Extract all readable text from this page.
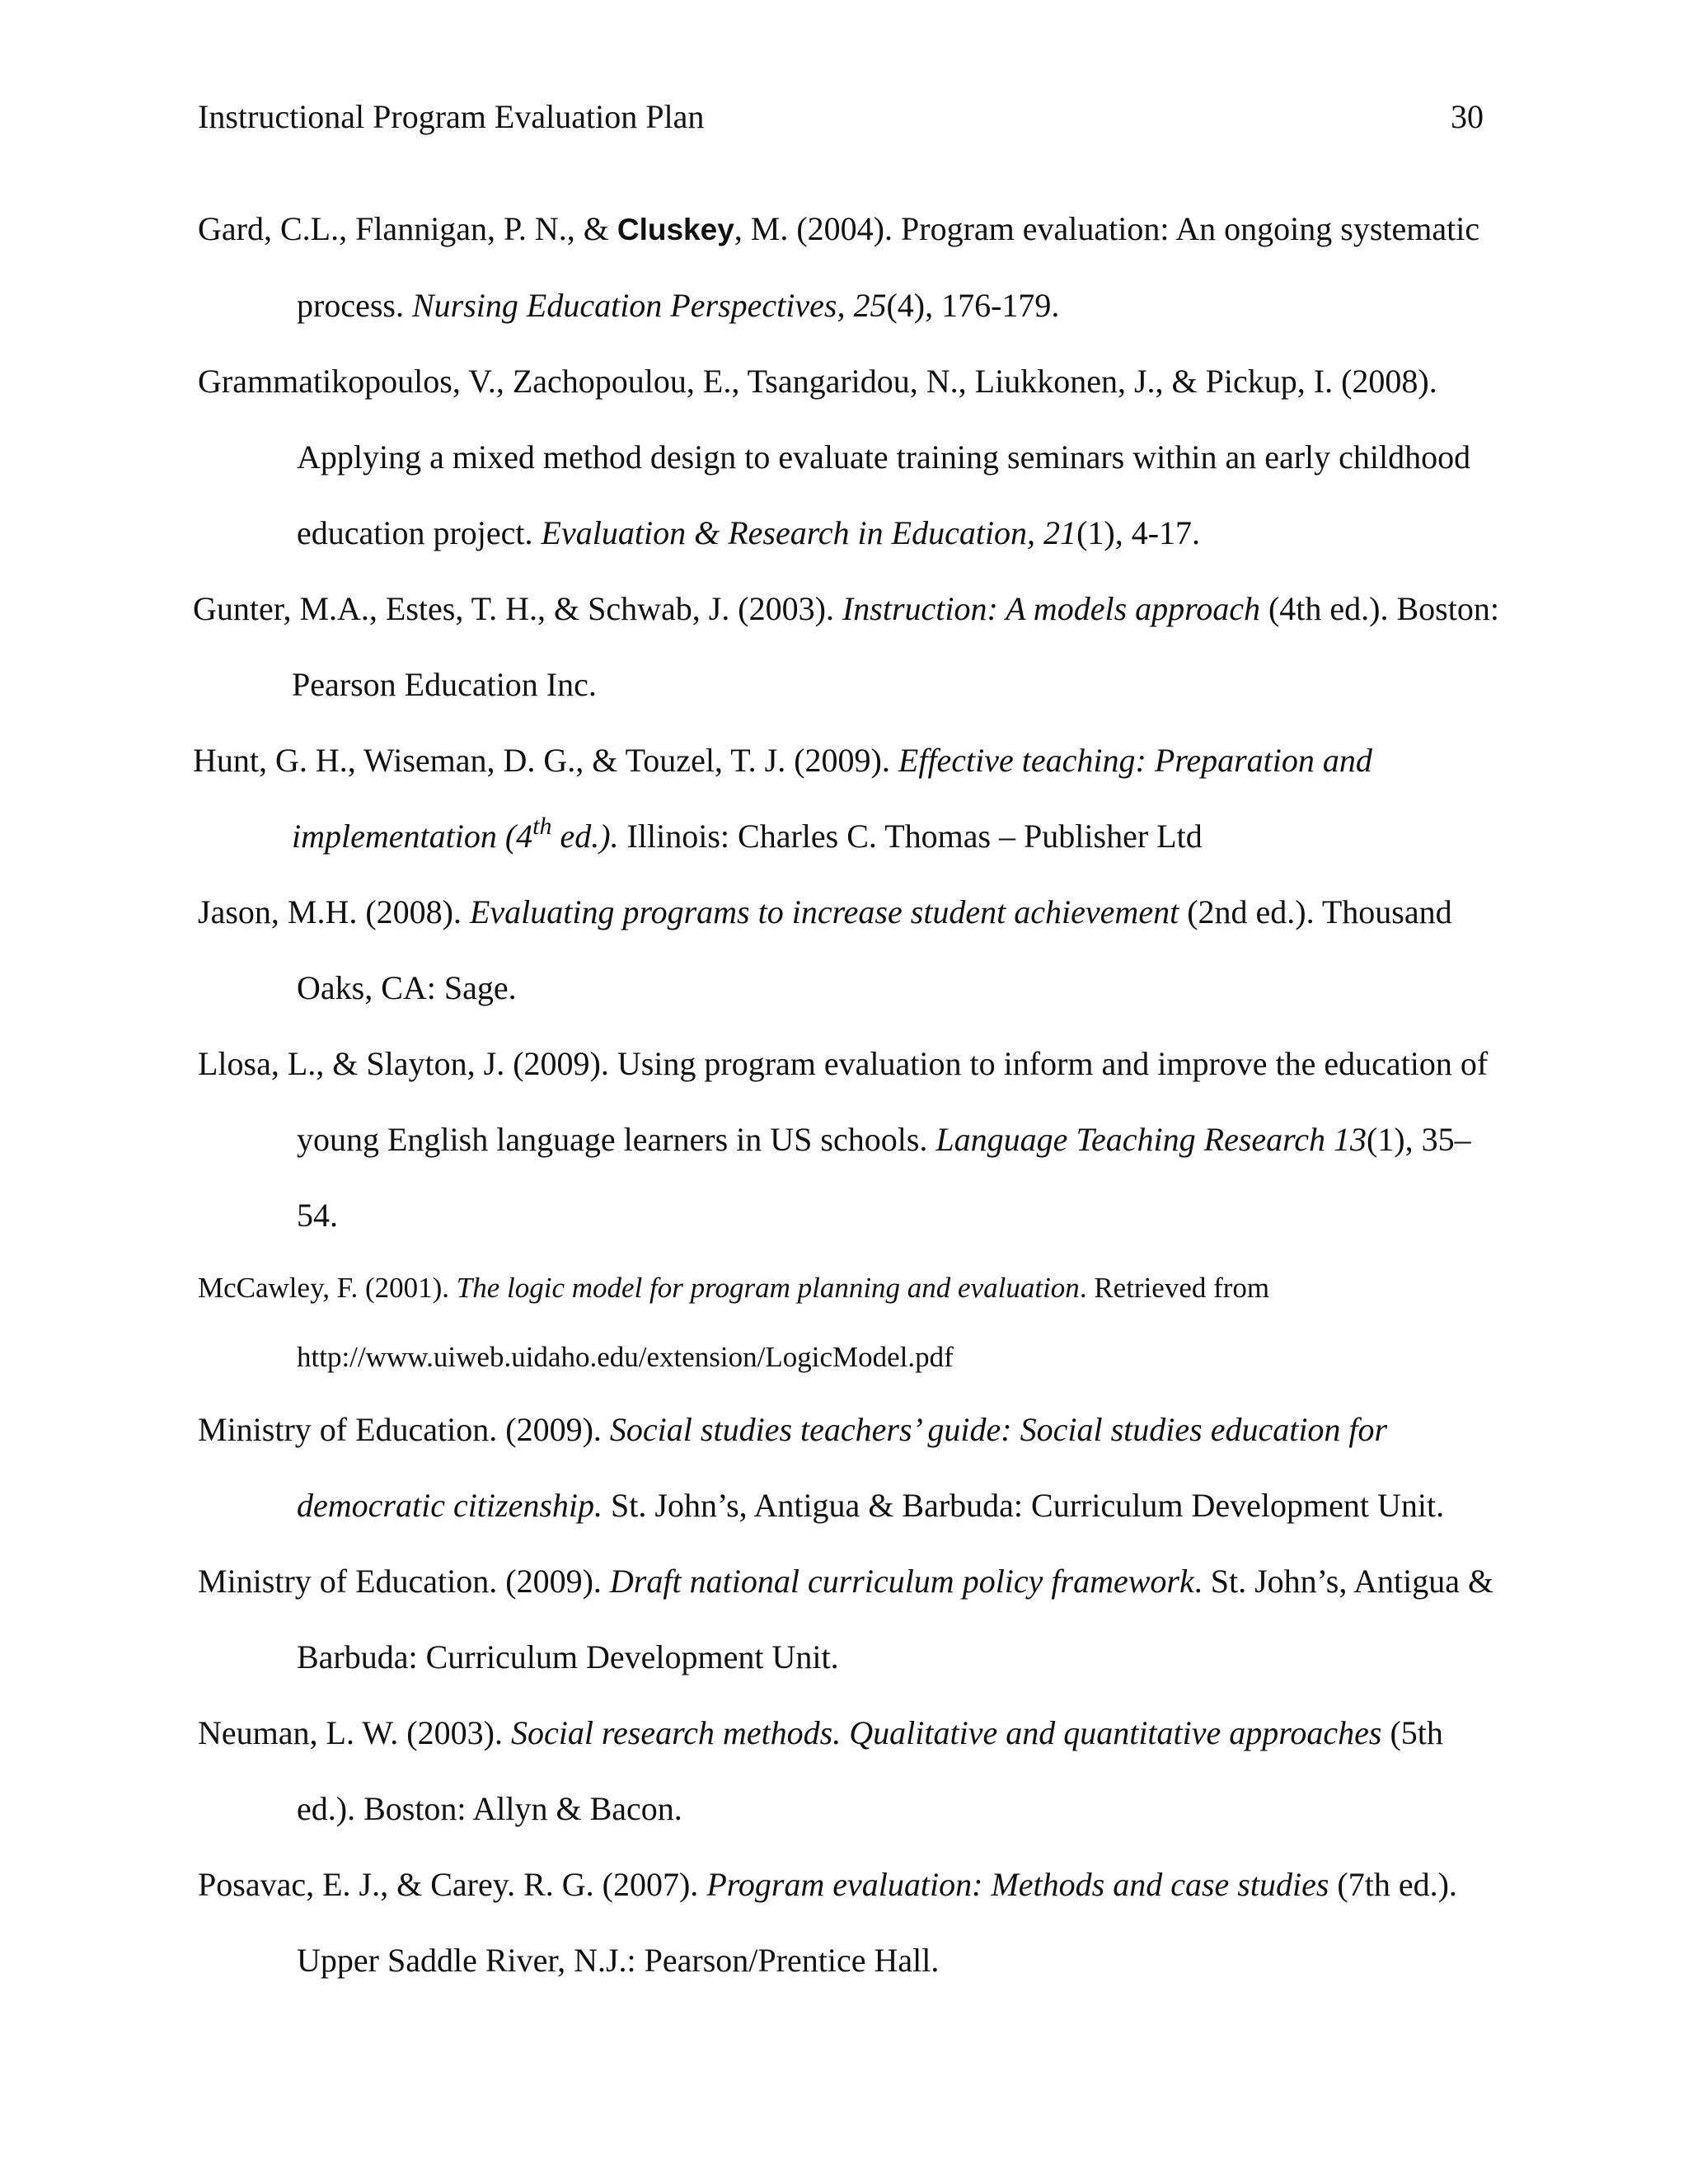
Instructional Program Evaluation Plan	30

Gard, C.L., Flannigan, P. N., & Cluskey, M. (2004). Program evaluation: An ongoing systematic process. Nursing Education Perspectives, 25(4), 176-179.

Grammatikopoulos, V., Zachopoulou, E., Tsangaridou, N., Liukkonen, J., & Pickup, I. (2008). Applying a mixed method design to evaluate training seminars within an early childhood education project. Evaluation & Research in Education, 21(1), 4-17.

Gunter, M.A., Estes, T. H., & Schwab, J. (2003). Instruction: A models approach (4th ed.). Boston: Pearson Education Inc.

Hunt, G. H., Wiseman, D. G., & Touzel, T. J. (2009). Effective teaching: Preparation and implementation (4th ed.). Illinois: Charles C. Thomas – Publisher Ltd

Jason, M.H. (2008). Evaluating programs to increase student achievement (2nd ed.). Thousand Oaks, CA: Sage.

Llosa, L., & Slayton, J. (2009). Using program evaluation to inform and improve the education of young English language learners in US schools. Language Teaching Research 13(1), 35–54.

McCawley, F. (2001). The logic model for program planning and evaluation. Retrieved from http://www.uiweb.uidaho.edu/extension/LogicModel.pdf

Ministry of Education. (2009). Social studies teachers’ guide: Social studies education for democratic citizenship. St. John’s, Antigua & Barbuda: Curriculum Development Unit.

Ministry of Education. (2009). Draft national curriculum policy framework. St. John’s, Antigua & Barbuda: Curriculum Development Unit.

Neuman, L. W. (2003). Social research methods. Qualitative and quantitative approaches (5th ed.). Boston: Allyn & Bacon.

Posavac, E. J., & Carey. R. G. (2007). Program evaluation: Methods and case studies (7th ed.). Upper Saddle River, N.J.: Pearson/Prentice Hall.
